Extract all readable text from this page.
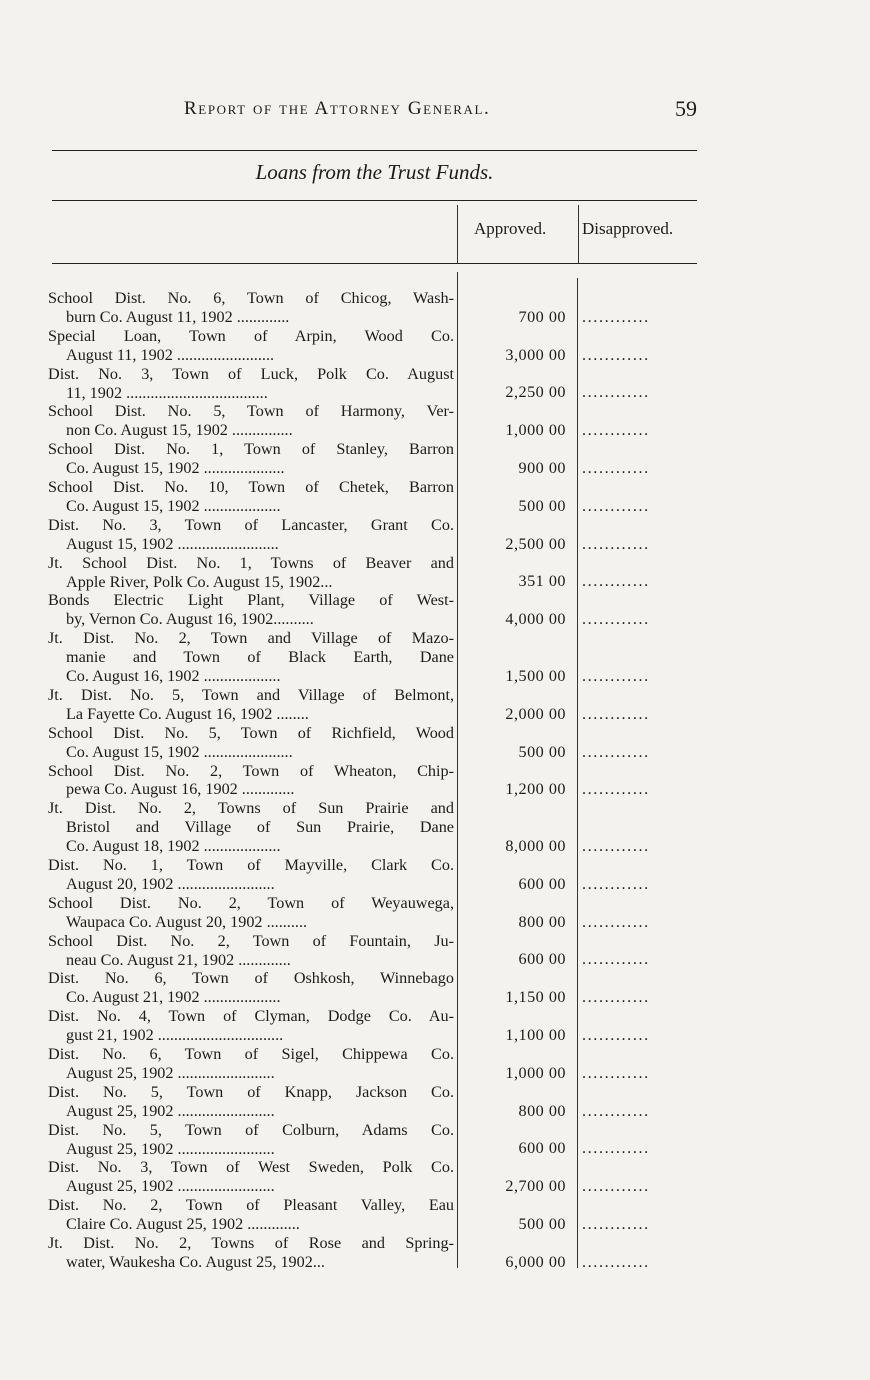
Report of the Attorney General.	59
Loans from the Trust Funds.
Approved. Disapproved.
School Dist. No. 6, Town of Chicog, Wash-
burn Co. August 11, 1902 .............	700 00 ............
Special Loan, Town of Arpin, Wood Co.
August 11, 1902 ........................	3,000 00 ............
Dist. No. 3, Town of Luck, Polk Co. August
11, 1902 ...................................	2,250 00 ............
School Dist. No. 5, Town of Harmony, Ver-
non Co. August 15, 1902 ...............	1,000 00 ............
School Dist. No. 1, Town of Stanley, Barron
Co. August 15, 1902 ....................	900 00 ............
School Dist. No. 10, Town of Chetek, Barron
Co. August 15, 1902 ...................	500 00 ............
Dist. No. 3, Town of Lancaster, Grant Co.
August 15, 1902 .........................	2,500 00 ............
Jt. School Dist. No. 1, Towns of Beaver and
Apple River, Polk Co. August 15, 1902...	351 00 ............
Bonds Electric Light Plant, Village of West-
by, Vernon Co. August 16, 1902..........	4,000 00 ............
Jt. Dist. No. 2, Town and Village of Mazo-
manie and Town of Black Earth, Dane
Co. August 16, 1902 ...................	1,500 00 ............
Jt. Dist. No. 5, Town and Village of Belmont,
La Fayette Co. August 16, 1902 ........	2,000 00 ............
School Dist. No. 5, Town of Richfield, Wood
Co. August 15, 1902 ......................	500 00 ............
School Dist. No. 2, Town of Wheaton, Chip-
pewa Co. August 16, 1902 .............	1,200 00 ............
Jt. Dist. No. 2, Towns of Sun Prairie and
Bristol and Village of Sun Prairie, Dane
Co. August 18, 1902 ...................	8,000 00 ............
Dist. No. 1, Town of Mayville, Clark Co.
August 20, 1902 ........................	600 00 ............
School Dist. No. 2, Town of Weyauwega,
Waupaca Co. August 20, 1902 ..........	800 00 ............
School Dist. No. 2, Town of Fountain, Ju-
neau Co. August 21, 1902 .............	600 00 ............
Dist. No. 6, Town of Oshkosh, Winnebago
Co. August 21, 1902 ...................	1,150 00 ............
Dist. No. 4, Town of Clyman, Dodge Co. Au-
gust 21, 1902 ...............................	1,100 00 ............
Dist. No. 6, Town of Sigel, Chippewa Co.
August 25, 1902 ........................	1,000 00 ............
Dist. No. 5, Town of Knapp, Jackson Co.
August 25, 1902 ........................	800 00 ............
Dist. No. 5, Town of Colburn, Adams Co.
August 25, 1902 ........................	600 00 ............
Dist. No. 3, Town of West Sweden, Polk Co.
August 25, 1902 ........................	2,700 00 ............
Dist. No. 2, Town of Pleasant Valley, Eau
Claire Co. August 25, 1902 .............	500 00 ............
Jt. Dist. No. 2, Towns of Rose and Spring-
water, Waukesha Co. August 25, 1902...	6,000 00 ............
